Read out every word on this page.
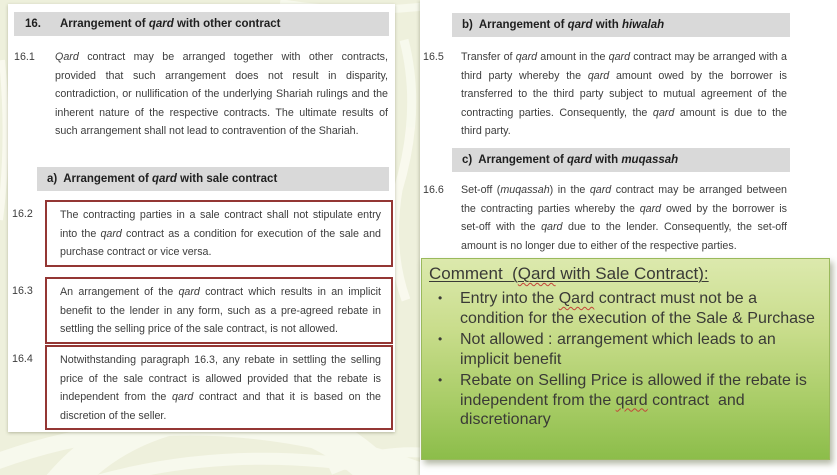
16.	Arrangement of qard with other contract
16.1	Qard contract may be arranged together with other contracts, provided that such arrangement does not result in disparity, contradiction, or nullification of the underlying Shariah rulings and the inherent nature of the respective contracts. The ultimate results of such arrangement shall not lead to contravention of the Shariah.
a)  Arrangement of qard with sale contract
16.2	The contracting parties in a sale contract shall not stipulate entry into the qard contract as a condition for execution of the sale and purchase contract or vice versa.
16.3	An arrangement of the qard contract which results in an implicit benefit to the lender in any form, such as a pre-agreed rebate in settling the selling price of the sale contract, is not allowed.
16.4	Notwithstanding paragraph 16.3, any rebate in settling the selling price of the sale contract is allowed provided that the rebate is independent from the qard contract and that it is based on the discretion of the seller.
b)  Arrangement of qard with hiwalah
16.5	Transfer of qard amount in the qard contract may be arranged with a third party whereby the qard amount owed by the borrower is transferred to the third party subject to mutual agreement of the contracting parties. Consequently, the qard amount is due to the third party.
c)  Arrangement of qard with muqassah
16.6	Set-off (muqassah) in the qard contract may be arranged between the contracting parties whereby the qard owed by the borrower is set-off with the qard due to the lender. Consequently, the set-off amount is no longer due to either of the respective parties.
Comment  (Qard with Sale Contract):
•	Entry into the Qard contract must not be a condition for the execution of the Sale & Purchase
•	Not allowed : arrangement which leads to an implicit benefit
•	Rebate on Selling Price is allowed if the rebate is independent from the qard contract  and discretionary
